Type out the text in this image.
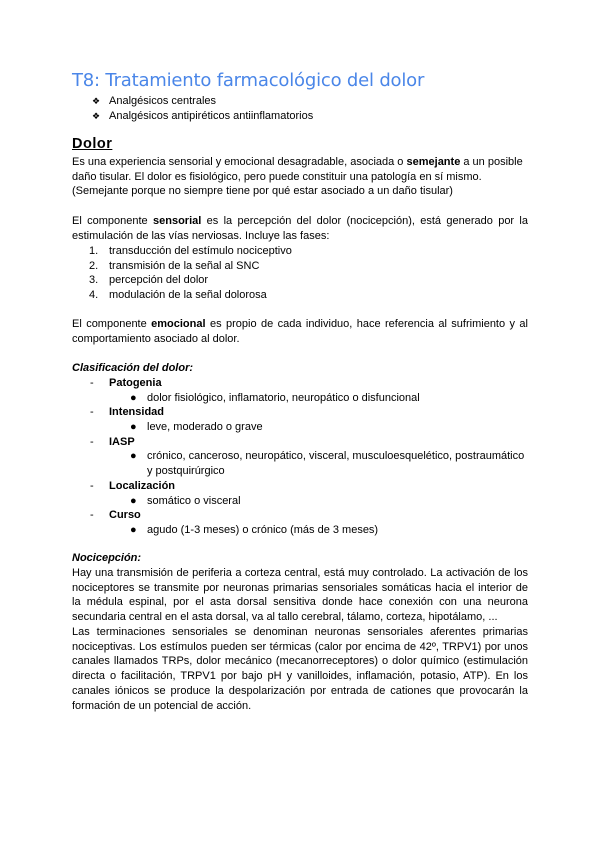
T8: Tratamiento farmacológico del dolor
❖ Analgésicos centrales
❖ Analgésicos antipiréticos antiinflamatorios
Dolor
Es una experiencia sensorial y emocional desagradable, asociada o semejante a un posible daño tisular. El dolor es fisiológico, pero puede constituir una patología en sí mismo.
(Semejante porque no siempre tiene por qué estar asociado a un daño tisular)
El componente sensorial es la percepción del dolor (nocicepción), está generado por la estimulación de las vías nerviosas. Incluye las fases:
1. transducción del estímulo nociceptivo
2. transmisión de la señal al SNC
3. percepción del dolor
4. modulación de la señal dolorosa
El componente emocional es propio de cada individuo, hace referencia al sufrimiento y al comportamiento asociado al dolor.
Clasificación del dolor:
- Patogenia
● dolor fisiológico, inflamatorio, neuropático o disfuncional
- Intensidad
● leve, moderado o grave
- IASP
● crónico, canceroso, neuropático, visceral, musculoesquelético, postraumático y postquirúrgico
- Localización
● somático o visceral
- Curso
● agudo (1-3 meses) o crónico (más de 3 meses)
Nocicepción:
Hay una transmisión de periferia a corteza central, está muy controlado. La activación de los nociceptores se transmite por neuronas primarias sensoriales somáticas hacia el interior de la médula espinal, por el asta dorsal sensitiva donde hace conexión con una neurona secundaria central en el asta dorsal, va al tallo cerebral, tálamo, corteza, hipotálamo, ...
Las terminaciones sensoriales se denominan neuronas sensoriales aferentes primarias nociceptivas. Los estímulos pueden ser térmicas (calor por encima de 42º, TRPV1) por unos canales llamados TRPs, dolor mecánico (mecanorreceptores) o dolor químico (estimulación directa o facilitación, TRPV1 por bajo pH y vanilloides, inflamación, potasio, ATP). En los canales iónicos se produce la despolarización por entrada de cationes que provocarán la formación de un potencial de acción.
